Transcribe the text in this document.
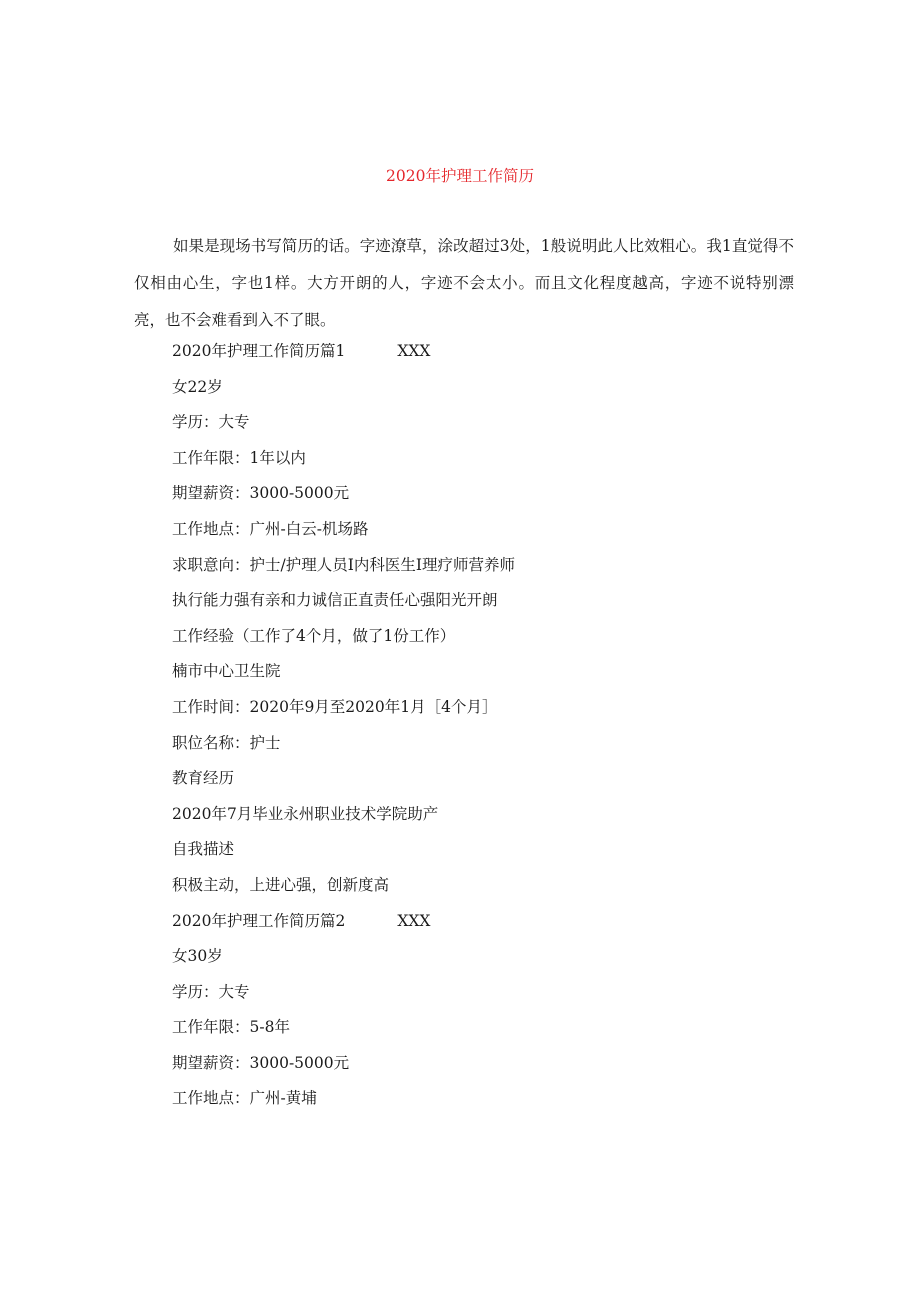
2020年护理工作简历

如果是现场书写简历的话。字迹潦草，涂改超过3处，1般说明此人比效粗心。我1直觉得不仅相由心生，字也1样。大方开朗的人，字迹不会太小。而且文化程度越高，字迹不说特别漂亮，也不会难看到入不了眼。

2020年护理工作简历篇1	XXX
女22岁
学历：大专
工作年限：1年以内
期望薪资：3000-5000元
工作地点：广州-白云-机场路
求职意向：护士/护理人员I内科医生I理疗师营养师
执行能力强有亲和力诚信正直责任心强阳光开朗
工作经验（工作了4个月，做了1份工作）
楠市中心卫生院
工作时间：2020年9月至2020年1月［4个月］
职位名称：护士
教育经历
2020年7月毕业永州职业技术学院助产
自我描述
积极主动，上进心强，创新度高
2020年护理工作简历篇2	XXX
女30岁
学历：大专
工作年限：5-8年
期望薪资：3000-5000元
工作地点：广州-黄埔
